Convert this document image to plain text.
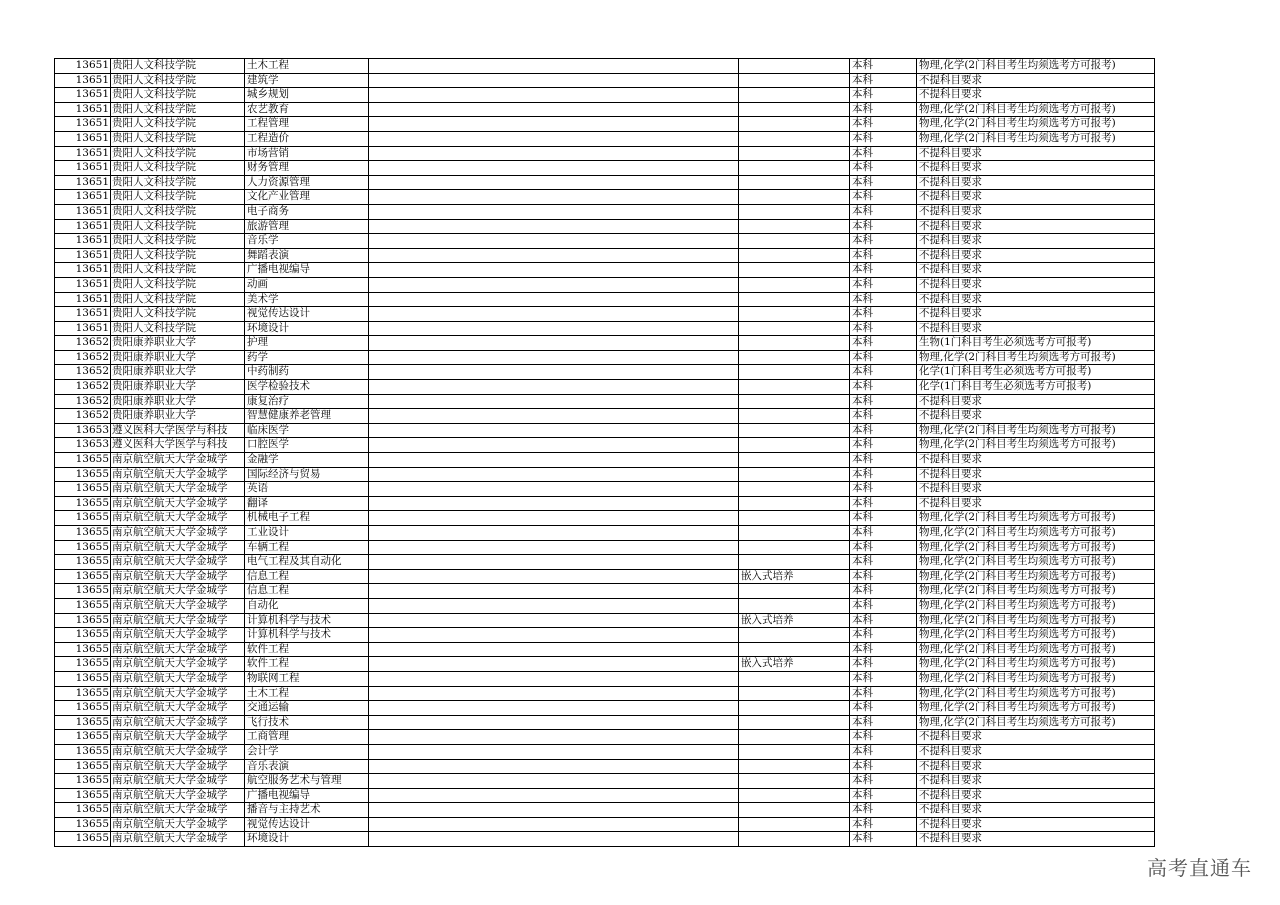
13651	贵阳人文科技学院	土木工程			本科	物理,化学(2门科目考生均须选考方可报考)
13651	贵阳人文科技学院	建筑学			本科	不提科目要求
13651	贵阳人文科技学院	城乡规划			本科	不提科目要求
13651	贵阳人文科技学院	农艺教育			本科	物理,化学(2门科目考生均须选考方可报考)
13651	贵阳人文科技学院	工程管理			本科	物理,化学(2门科目考生均须选考方可报考)
13651	贵阳人文科技学院	工程造价			本科	物理,化学(2门科目考生均须选考方可报考)
13651	贵阳人文科技学院	市场营销			本科	不提科目要求
13651	贵阳人文科技学院	财务管理			本科	不提科目要求
13651	贵阳人文科技学院	人力资源管理			本科	不提科目要求
13651	贵阳人文科技学院	文化产业管理			本科	不提科目要求
13651	贵阳人文科技学院	电子商务			本科	不提科目要求
13651	贵阳人文科技学院	旅游管理			本科	不提科目要求
13651	贵阳人文科技学院	音乐学			本科	不提科目要求
13651	贵阳人文科技学院	舞蹈表演			本科	不提科目要求
13651	贵阳人文科技学院	广播电视编导			本科	不提科目要求
13651	贵阳人文科技学院	动画			本科	不提科目要求
13651	贵阳人文科技学院	美术学			本科	不提科目要求
13651	贵阳人文科技学院	视觉传达设计			本科	不提科目要求
13651	贵阳人文科技学院	环境设计			本科	不提科目要求
13652	贵阳康养职业大学	护理			本科	生物(1门科目考生必须选考方可报考)
13652	贵阳康养职业大学	药学			本科	物理,化学(2门科目考生均须选考方可报考)
13652	贵阳康养职业大学	中药制药			本科	化学(1门科目考生必须选考方可报考)
13652	贵阳康养职业大学	医学检验技术			本科	化学(1门科目考生必须选考方可报考)
13652	贵阳康养职业大学	康复治疗			本科	不提科目要求
13652	贵阳康养职业大学	智慧健康养老管理			本科	不提科目要求
13653	遵义医科大学医学与科技	临床医学			本科	物理,化学(2门科目考生均须选考方可报考)
13653	遵义医科大学医学与科技	口腔医学			本科	物理,化学(2门科目考生均须选考方可报考)
13655	南京航空航天大学金城学	金融学			本科	不提科目要求
13655	南京航空航天大学金城学	国际经济与贸易			本科	不提科目要求
13655	南京航空航天大学金城学	英语			本科	不提科目要求
13655	南京航空航天大学金城学	翻译			本科	不提科目要求
13655	南京航空航天大学金城学	机械电子工程			本科	物理,化学(2门科目考生均须选考方可报考)
13655	南京航空航天大学金城学	工业设计			本科	物理,化学(2门科目考生均须选考方可报考)
13655	南京航空航天大学金城学	车辆工程			本科	物理,化学(2门科目考生均须选考方可报考)
13655	南京航空航天大学金城学	电气工程及其自动化			本科	物理,化学(2门科目考生均须选考方可报考)
13655	南京航空航天大学金城学	信息工程		嵌入式培养	本科	物理,化学(2门科目考生均须选考方可报考)
13655	南京航空航天大学金城学	信息工程			本科	物理,化学(2门科目考生均须选考方可报考)
13655	南京航空航天大学金城学	自动化			本科	物理,化学(2门科目考生均须选考方可报考)
13655	南京航空航天大学金城学	计算机科学与技术		嵌入式培养	本科	物理,化学(2门科目考生均须选考方可报考)
13655	南京航空航天大学金城学	计算机科学与技术			本科	物理,化学(2门科目考生均须选考方可报考)
13655	南京航空航天大学金城学	软件工程			本科	物理,化学(2门科目考生均须选考方可报考)
13655	南京航空航天大学金城学	软件工程		嵌入式培养	本科	物理,化学(2门科目考生均须选考方可报考)
13655	南京航空航天大学金城学	物联网工程			本科	物理,化学(2门科目考生均须选考方可报考)
13655	南京航空航天大学金城学	土木工程			本科	物理,化学(2门科目考生均须选考方可报考)
13655	南京航空航天大学金城学	交通运输			本科	物理,化学(2门科目考生均须选考方可报考)
13655	南京航空航天大学金城学	飞行技术			本科	物理,化学(2门科目考生均须选考方可报考)
13655	南京航空航天大学金城学	工商管理			本科	不提科目要求
13655	南京航空航天大学金城学	会计学			本科	不提科目要求
13655	南京航空航天大学金城学	音乐表演			本科	不提科目要求
13655	南京航空航天大学金城学	航空服务艺术与管理			本科	不提科目要求
13655	南京航空航天大学金城学	广播电视编导			本科	不提科目要求
13655	南京航空航天大学金城学	播音与主持艺术			本科	不提科目要求
13655	南京航空航天大学金城学	视觉传达设计			本科	不提科目要求
13655	南京航空航天大学金城学	环境设计			本科	不提科目要求
高考直通车
